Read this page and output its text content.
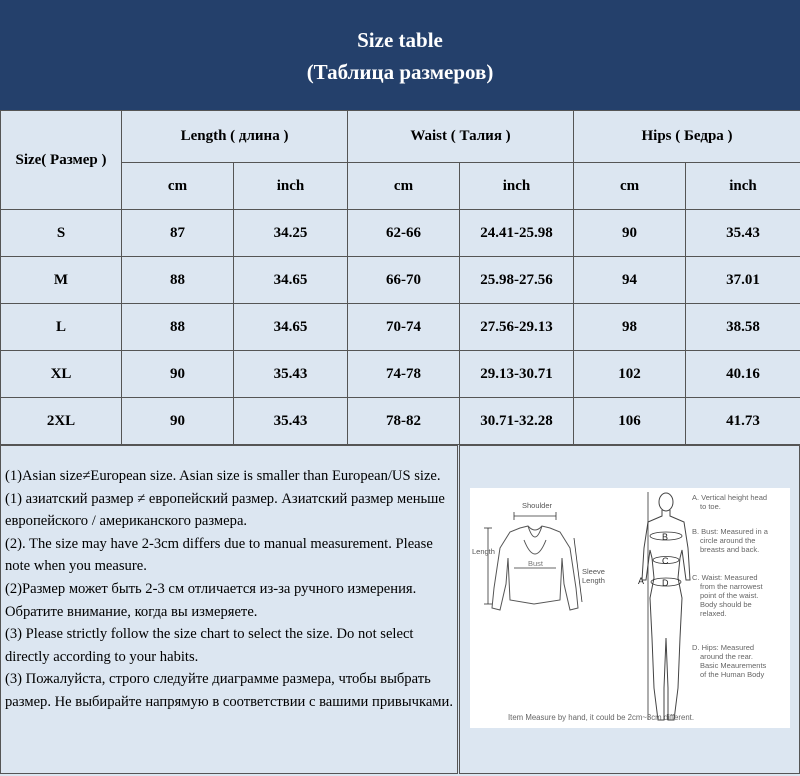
Size table
(Таблица размеров)
Size( Размер )	Length ( длина )		Waist ( Талия )		Hips ( Бедра )	
	cm	inch	cm	inch	cm	inch
S	87	34.25	62-66	24.41-25.98	90	35.43
M	88	34.65	66-70	25.98-27.56	94	37.01
L	88	34.65	70-74	27.56-29.13	98	38.58
XL	90	35.43	74-78	29.13-30.71	102	40.16
2XL	90	35.43	78-82	30.71-32.28	106	41.73

(1)Asian size≠European size. Asian size is smaller than European/US size.

(1) азиатский размер ≠ европейский размер. Азиатский размер меньше европейского / американского размера.

(2). The size may have 2-3cm differs due to manual measurement. Please note when you measure.

(2)Размер может быть 2-3 см отличается из-за ручного измерения. Обратите внимание, когда вы измеряете.

(3) Please strictly follow the size chart to select the size. Do not select directly according to your habits.

(3) Пожалуйста, строго следуйте диаграмме размера, чтобы выбрать размер. Не выбирайте напрямую в соответствии с вашими привычками.

Shoulder
Length
Bust
Sleeve
Length	A
B
C
D
A. Vertical height head
to toe.
B. Bust: Measured in a
circle around the
breasts and back.
C. Waist: Measured
from the narrowest
point of the waist.
Body should be
relaxed.
D. Hips: Measured
around the rear.
Basic Meaurements
of the Human Body
Item Measure by hand, it could be 2cm~3cm different.
